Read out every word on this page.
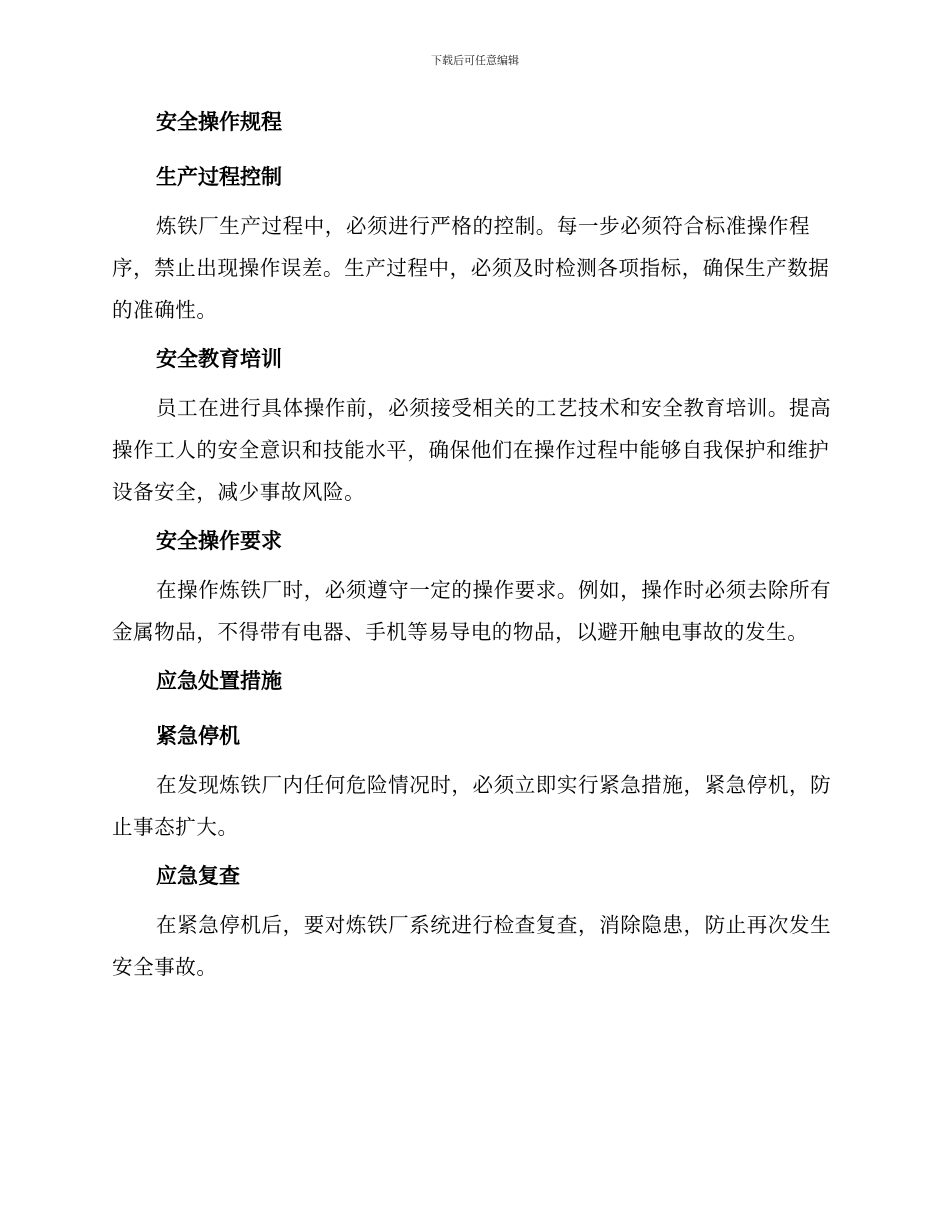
下载后可任意编辑
安全操作规程
生产过程控制

炼铁厂生产过程中，必须进行严格的控制。每一步必须符合标准操作程序，禁止出现操作误差。生产过程中，必须及时检测各项指标，确保生产数据的准确性。

安全教育培训

员工在进行具体操作前，必须接受相关的工艺技术和安全教育培训。提高操作工人的安全意识和技能水平，确保他们在操作过程中能够自我保护和维护设备安全，减少事故风险。

安全操作要求

在操作炼铁厂时，必须遵守一定的操作要求。例如，操作时必须去除所有金属物品，不得带有电器、手机等易导电的物品，以避开触电事故的发生。

应急处置措施
紧急停机

在发现炼铁厂内任何危险情况时，必须立即实行紧急措施，紧急停机，防止事态扩大。

应急复查

在紧急停机后，要对炼铁厂系统进行检查复查，消除隐患，防止再次发生安全事故。
